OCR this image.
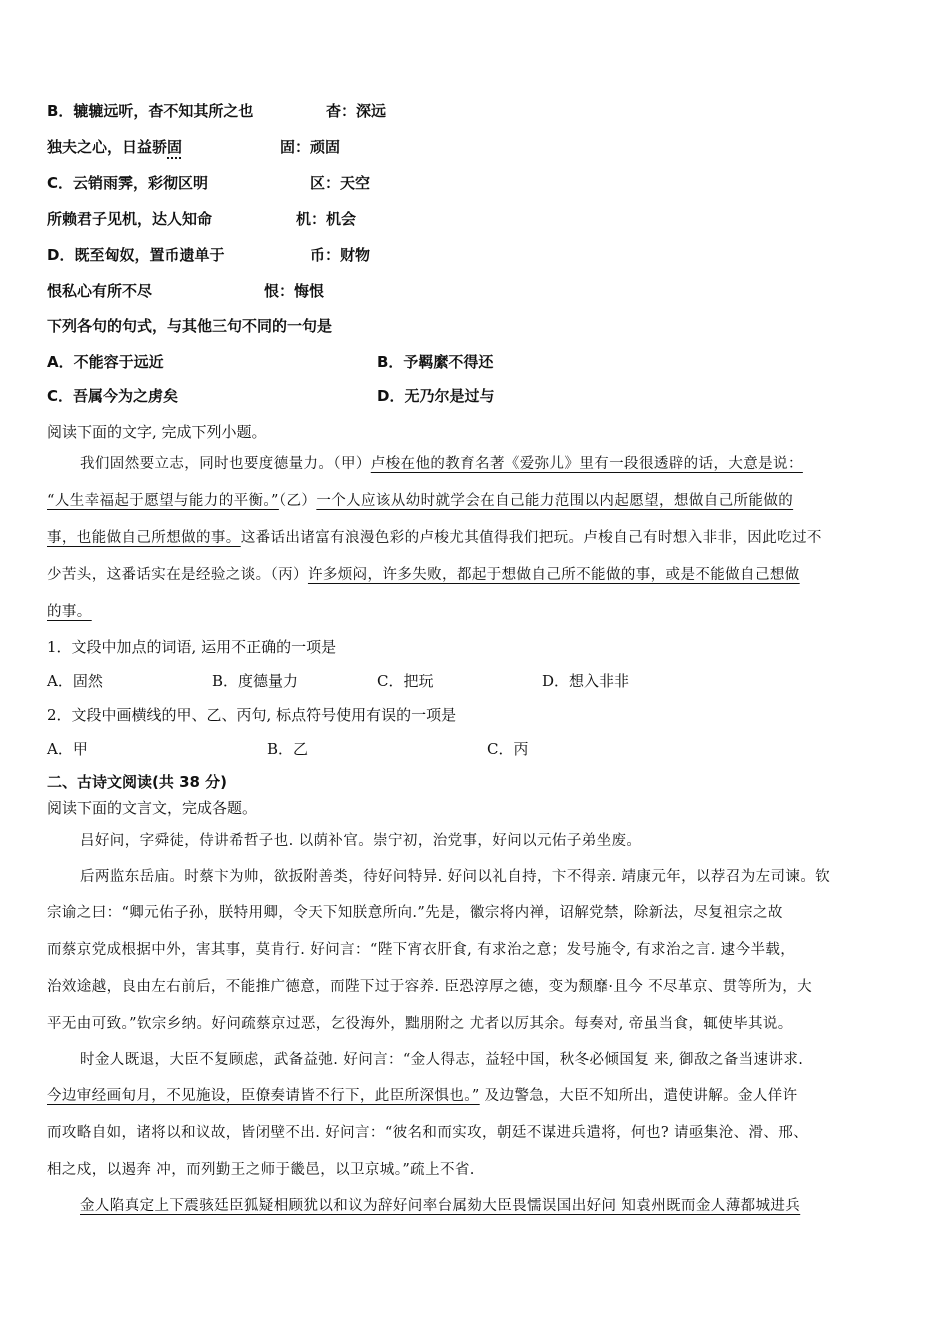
B．辘辘远听，杳不知其所之也	杳：深远
独夫之心，日益骄固	固：顽固
C．云销雨霁，彩彻区明	区：天空
所赖君子见机，达人知命	机：机会
D．既至匈奴，置币遗单于	币：财物
恨私心有所不尽	恨：悔恨
下列各句的句式，与其他三句不同的一句是
A．不能容于远近	B．予羁縻不得还
C．吾属今为之虏矣	D．无乃尔是过与
阅读下面的文字, 完成下列小题。
我们固然要立志，同时也要度德量力。（甲）卢梭在他的教育名著《爱弥儿》里有一段很透辟的话，大意是说：
“人生幸福起于愿望与能力的平衡。”（乙）一个人应该从幼时就学会在自己能力范围以内起愿望，想做自己所能做的
事，也能做自己所想做的事。这番话出诸富有浪漫色彩的卢梭尤其值得我们把玩。卢梭自己有时想入非非，因此吃过不
少苦头，这番话实在是经验之谈。（丙）许多烦闷，许多失败，都起于想做自己所不能做的事，或是不能做自己想做
的事。
1．文段中加点的词语, 运用不正确的一项是
A．固然	B．度德量力	C．把玩	D．想入非非
2．文段中画横线的甲、乙、丙句, 标点符号使用有误的一项是
A．甲	B．乙	C．丙
二、古诗文阅读(共 38 分)
阅读下面的文言文，完成各题。
吕好问，字舜徒，侍讲希哲子也. 以荫补官。崇宁初，治党事，好问以元佑子弟坐废。
后两监东岳庙。时蔡卞为帅，欲扳附善类，待好问特异. 好问以礼自持，卞不得亲. 靖康元年，以荐召为左司谏。钦
宗谕之曰：“卿元佑子孙，朕特用卿，令天下知朕意所向.”先是，徽宗将内禅，诏解党禁，除新法，尽复祖宗之故
而蔡京党成根据中外，害其事，莫肯行. 好问言：“陛下宵衣肝食, 有求治之意；发号施令, 有求治之言. 逮今半载，
治效途越，良由左右前后，不能推广德意，而陛下过于容养. 臣恐淳厚之德，变为颓靡·且今 不尽革京、贯等所为，大
平无由可致。”钦宗乡纳。好问疏蔡京过恶，乞役海外，黜朋附之 尤者以厉其余。每奏对, 帝虽当食，辄使毕其说。
时金人既退，大臣不复顾虑，武备益弛. 好问言：“金人得志，益轻中国，秋冬必倾国复 来, 御敌之备当速讲求.
今边审经画旬月，不见施设，臣僚奏请皆不行下，此臣所深惧也。” 及边警急，大臣不知所出，遣使讲解。金人佯许
而攻略自如，诸将以和议故，皆闭壁不出. 好问言：“彼名和而实攻，朝廷不谋进兵遣将，何也? 请亟集沧、滑、邢、
相之戍，以遏奔 冲，而列勤王之师于畿邑，以卫京城。”疏上不省.
金人陷真定上下震骇廷臣狐疑相顾犹以和议为辞好问率台属劾大臣畏懦误国出好问 知袁州既而金人薄都城进兵
